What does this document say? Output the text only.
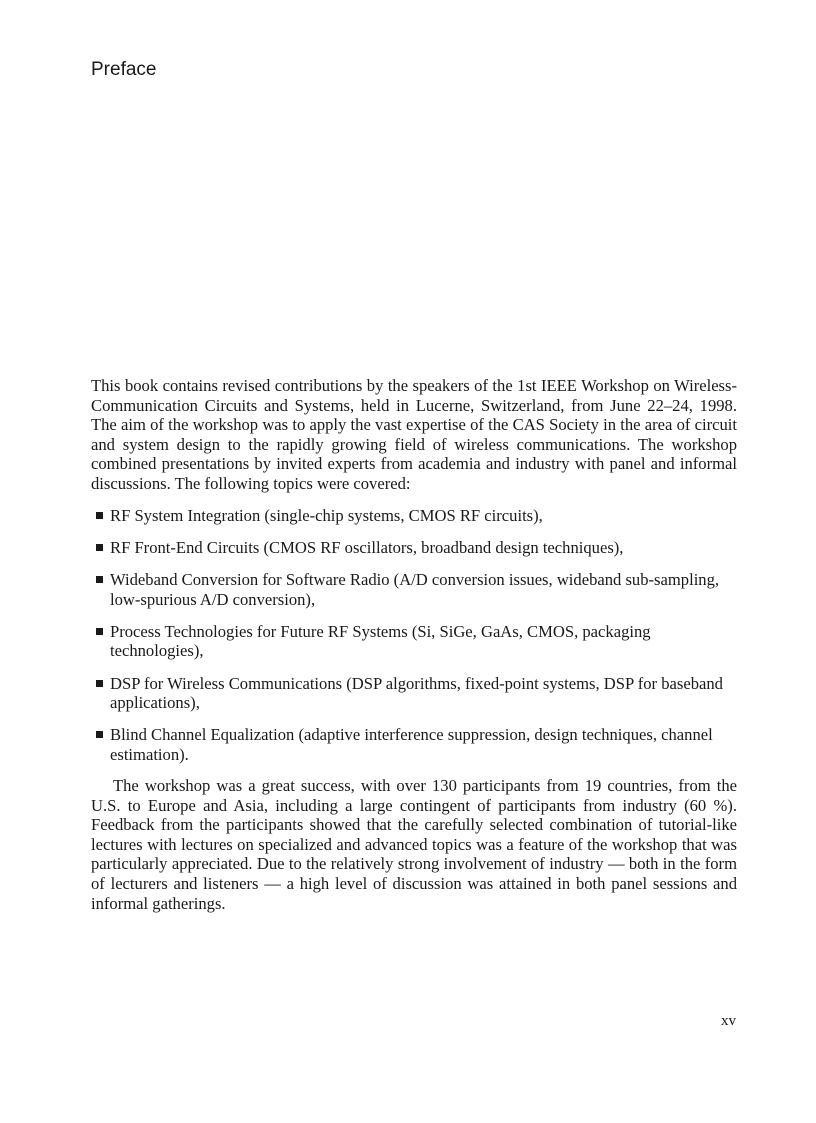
Preface

This book contains revised contributions by the speakers of the 1st IEEE Workshop on Wireless-Communication Circuits and Systems, held in Lucerne, Switzerland, from June 22–24, 1998. The aim of the workshop was to apply the vast expertise of the CAS Society in the area of circuit and system design to the rapidly growing field of wireless communications. The workshop combined presentations by invited experts from academia and industry with panel and informal discussions. The following topics were covered:

RF System Integration (single-chip systems, CMOS RF circuits),
RF Front-End Circuits (CMOS RF oscillators, broadband design techniques),
Wideband Conversion for Software Radio (A/D conversion issues, wideband sub-sampling, low-spurious A/D conversion),
Process Technologies for Future RF Systems (Si, SiGe, GaAs, CMOS, packaging technologies),
DSP for Wireless Communications (DSP algorithms, fixed-point systems, DSP for baseband applications),
Blind Channel Equalization (adaptive interference suppression, design techniques, channel estimation).

The workshop was a great success, with over 130 participants from 19 countries, from the U.S. to Europe and Asia, including a large contingent of participants from industry (60 %). Feedback from the participants showed that the carefully selected combination of tutorial-like lectures with lectures on specialized and advanced topics was a feature of the workshop that was particularly appreciated. Due to the relatively strong involvement of industry — both in the form of lecturers and listeners — a high level of discussion was attained in both panel sessions and informal gatherings.

xv
